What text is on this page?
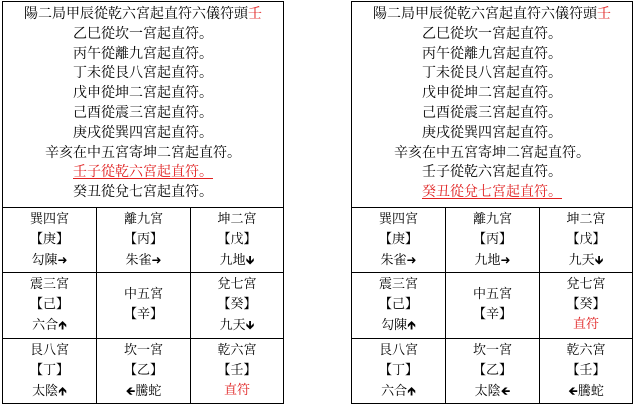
陽二局甲辰從乾六宮起直符六儀符頭壬
乙巳從坎一宮起直符。
丙午從離九宮起直符。
丁未從艮八宮起直符。
戊申從坤二宮起直符。
己酉從震三宮起直符。
庚戌從巽四宮起直符。
辛亥在中五宮寄坤二宮起直符。
壬子從乾六宮起直符。
癸丑從兌七宮起直符。
巽四宮
【庚】
勾陳➜
離九宮
【丙】
朱雀➜
坤二宮
【戊】
九地🡻
震三宮
【己】
六合🡹
中五宮
【辛】
兌七宮
【癸】
九天🡻
艮八宮
【丁】
太陰🡹
坎一宮
【乙】
🡸騰蛇
乾六宮
【壬】
直符
陽二局甲辰從乾六宮起直符六儀符頭壬
乙巳從坎一宮起直符。
丙午從離九宮起直符。
丁未從艮八宮起直符。
戊申從坤二宮起直符。
己酉從震三宮起直符。
庚戌從巽四宮起直符。
辛亥在中五宮寄坤二宮起直符。
壬子從乾六宮起直符。
癸丑從兌七宮起直符。
巽四宮
【庚】
朱雀➜
離九宮
【丙】
九地➜
坤二宮
【戊】
九天🡻
震三宮
【己】
勾陳🡹
中五宮
【辛】
兌七宮
【癸】
直符
艮八宮
【丁】
六合🡹
坎一宮
【乙】
太陰🡸
乾六宮
【壬】
🡸騰蛇
